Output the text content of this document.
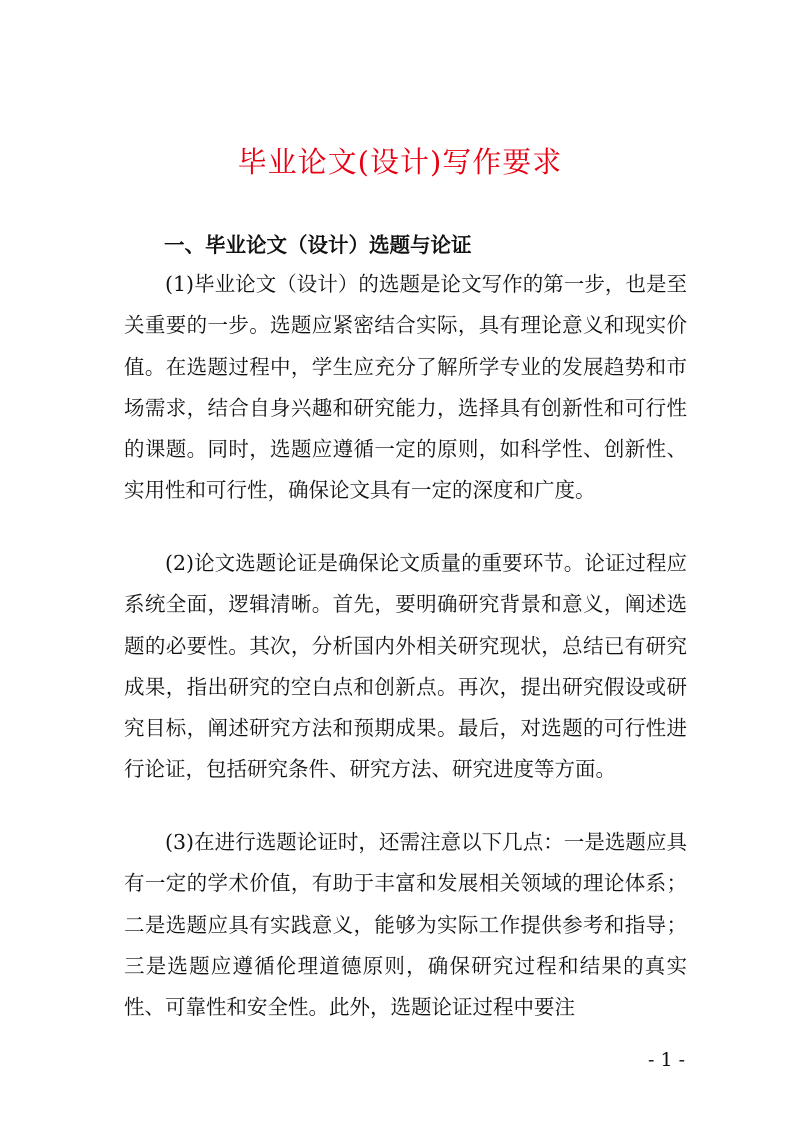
毕业论文(设计)写作要求
一、毕业论文（设计）选题与论证

(1)毕业论文（设计）的选题是论文写作的第一步，也是至关重要的一步。选题应紧密结合实际，具有理论意义和现实价值。在选题过程中，学生应充分了解所学专业的发展趋势和市场需求，结合自身兴趣和研究能力，选择具有创新性和可行性的课题。同时，选题应遵循一定的原则，如科学性、创新性、实用性和可行性，确保论文具有一定的深度和广度。

(2)论文选题论证是确保论文质量的重要环节。论证过程应系统全面，逻辑清晰。首先，要明确研究背景和意义，阐述选题的必要性。其次，分析国内外相关研究现状，总结已有研究成果，指出研究的空白点和创新点。再次，提出研究假设或研究目标，阐述研究方法和预期成果。最后，对选题的可行性进行论证，包括研究条件、研究方法、研究进度等方面。

(3)在进行选题论证时，还需注意以下几点：一是选题应具有一定的学术价值，有助于丰富和发展相关领域的理论体系；二是选题应具有实践意义，能够为实际工作提供参考和指导；三是选题应遵循伦理道德原则，确保研究过程和结果的真实性、可靠性和安全性。此外，选题论证过程中要注

- 1 -
